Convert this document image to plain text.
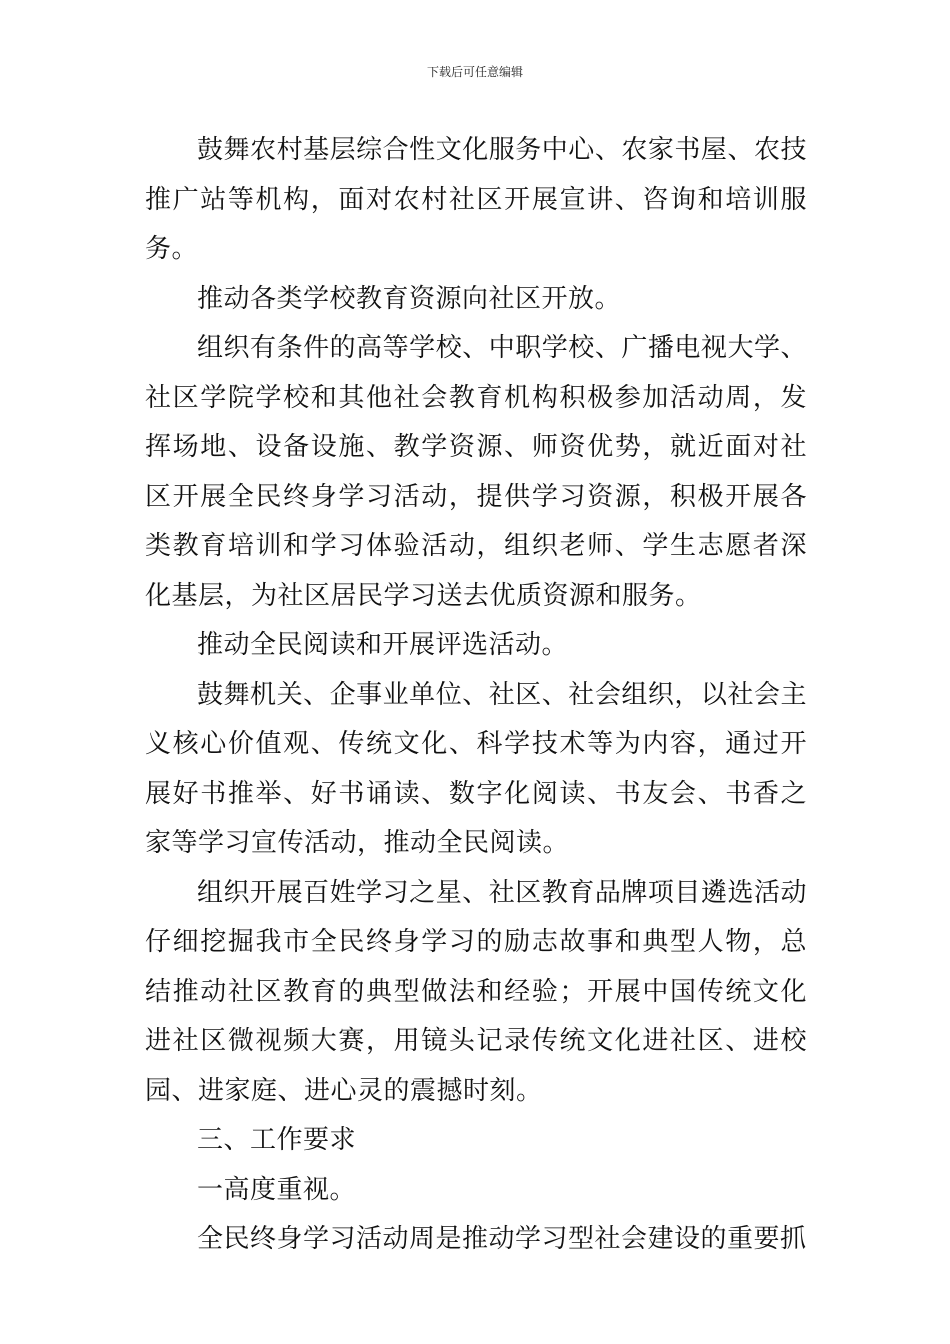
下载后可任意编辑

鼓舞农村基层综合性文化服务中心、农家书屋、农技推广站等机构，面对农村社区开展宣讲、咨询和培训服务。

推动各类学校教育资源向社区开放。

组织有条件的高等学校、中职学校、广播电视大学、社区学院学校和其他社会教育机构积极参加活动周，发挥场地、设备设施、教学资源、师资优势，就近面对社区开展全民终身学习活动，提供学习资源，积极开展各类教育培训和学习体验活动，组织老师、学生志愿者深化基层，为社区居民学习送去优质资源和服务。

推动全民阅读和开展评选活动。

鼓舞机关、企事业单位、社区、社会组织，以社会主义核心价值观、传统文化、科学技术等为内容，通过开展好书推举、好书诵读、数字化阅读、书友会、书香之家等学习宣传活动，推动全民阅读。

组织开展百姓学习之星、社区教育品牌项目遴选活动仔细挖掘我市全民终身学习的励志故事和典型人物，总结推动社区教育的典型做法和经验；开展中国传统文化进社区微视频大赛，用镜头记录传统文化进社区、进校园、进家庭、进心灵的震撼时刻。

三、工作要求

一高度重视。

全民终身学习活动周是推动学习型社会建设的重要抓
